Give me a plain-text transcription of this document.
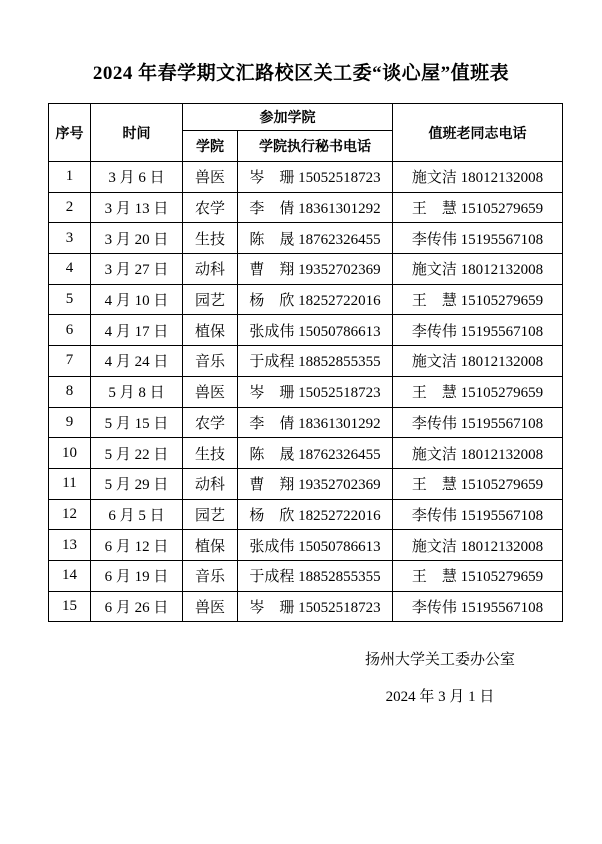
2024 年春学期文汇路校区关工委“谈心屋”值班表
序号	时间	参加学院		值班老同志电话
		学院	学院执行秘书电话	
1	3 月 6 日	兽医	岑　珊 15052518723	施文洁 18012132008
2	3 月 13 日	农学	李　倩 18361301292	王　慧 15105279659
3	3 月 20 日	生技	陈　晟 18762326455	李传伟 15195567108
4	3 月 27 日	动科	曹　翔 19352702369	施文洁 18012132008
5	4 月 10 日	园艺	杨　欣 18252722016	王　慧 15105279659
6	4 月 17 日	植保	张成伟 15050786613	李传伟 15195567108
7	4 月 24 日	音乐	于成程 18852855355	施文洁 18012132008
8	5 月 8 日	兽医	岑　珊 15052518723	王　慧 15105279659
9	5 月 15 日	农学	李　倩 18361301292	李传伟 15195567108
10	5 月 22 日	生技	陈　晟 18762326455	施文洁 18012132008
11	5 月 29 日	动科	曹　翔 19352702369	王　慧 15105279659
12	6 月 5 日	园艺	杨　欣 18252722016	李传伟 15195567108
13	6 月 12 日	植保	张成伟 15050786613	施文洁 18012132008
14	6 月 19 日	音乐	于成程 18852855355	王　慧 15105279659
15	6 月 26 日	兽医	岑　珊 15052518723	李传伟 15195567108

扬州大学关工委办公室

2024 年 3 月 1 日
